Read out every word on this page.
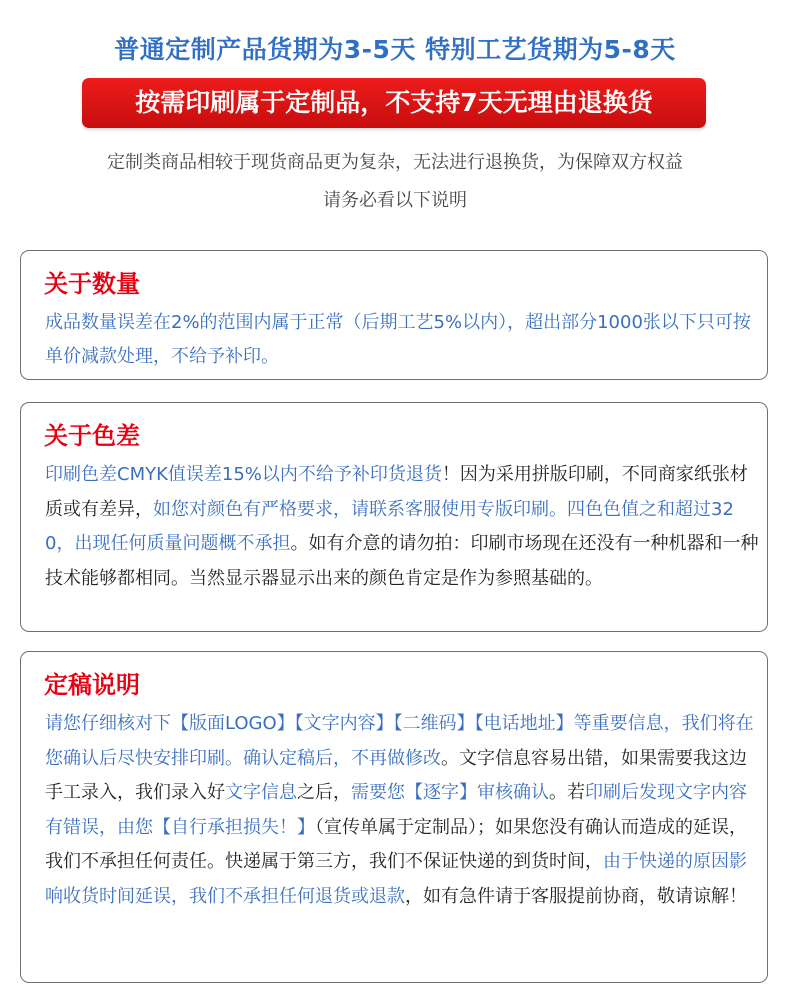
普通定制产品货期为3-5天 特别工艺货期为5-8天
按需印刷属于定制品，不支持7天无理由退换货
定制类商品相较于现货商品更为复杂，无法进行退换货，为保障双方权益
请务必看以下说明
关于数量
成品数量误差在2%的范围内属于正常（后期工艺5%以内），超出部分1000张以下只可按单价减款处理，不给予补印。
关于色差
印刷色差CMYK值误差15%以内不给予补印货退货！因为采用拼版印刷，不同商家纸张材质或有差异，如您对颜色有严格要求，请联系客服使用专版印刷。四色色值之和超过320，出现任何质量问题概不承担。如有介意的请勿拍：印刷市场现在还没有一种机器和一种技术能够都相同。当然显示器显示出来的颜色肯定是作为参照基础的。
定稿说明
请您仔细核对下【版面LOGO】【文字内容】【二维码】【电话地址】等重要信息，我们将在您确认后尽快安排印刷。确认定稿后，不再做修改。文字信息容易出错，如果需要我这边手工录入，我们录入好文字信息之后，需要您【逐字】审核确认。若印刷后发现文字内容有错误，由您【自行承担损失！】（宣传单属于定制品）；如果您没有确认而造成的延误，我们不承担任何责任。快递属于第三方，我们不保证快递的到货时间，由于快递的原因影响收货时间延误，我们不承担任何退货或退款，如有急件请于客服提前协商，敬请谅解！
